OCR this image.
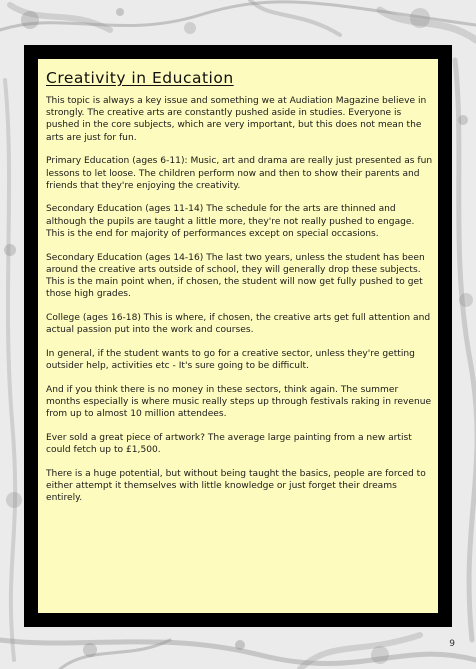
Creativity in Education

This topic is always a key issue and something we at Audiation Magazine believe in strongly. The creative arts are constantly pushed aside in studies. Everyone is pushed in the core subjects, which are very important, but this does not mean the arts are just for fun.

Primary Education (ages 6-11): Music, art and drama are really just presented as fun lessons to let loose. The children perform now and then to show their parents and friends that they're enjoying the creativity.

Secondary Education (ages 11-14) The schedule for the arts are thinned and although the pupils are taught a little more, they're not really pushed to engage. This is the end for majority of performances except on special occasions.

Secondary Education (ages 14-16) The last two years, unless the student has been around the creative arts outside of school, they will generally drop these subjects. This is the main point when, if chosen, the student will now get fully pushed to get those high grades.

College (ages 16-18) This is where, if chosen, the creative arts get full attention and actual passion put into the work and courses.

In general, if the student wants to go for a creative sector, unless they're getting outsider help, activities etc - It's sure going to be difficult.

And if you think there is no money in these sectors, think again. The summer months especially is where music really steps up through festivals raking in revenue from up to almost 10 million attendees.

Ever sold a great piece of artwork? The average large painting from a new artist could fetch up to £1,500.

There is a huge potential, but without being taught the basics, people are forced to either attempt it themselves with little knowledge or just forget their dreams entirely.

9
